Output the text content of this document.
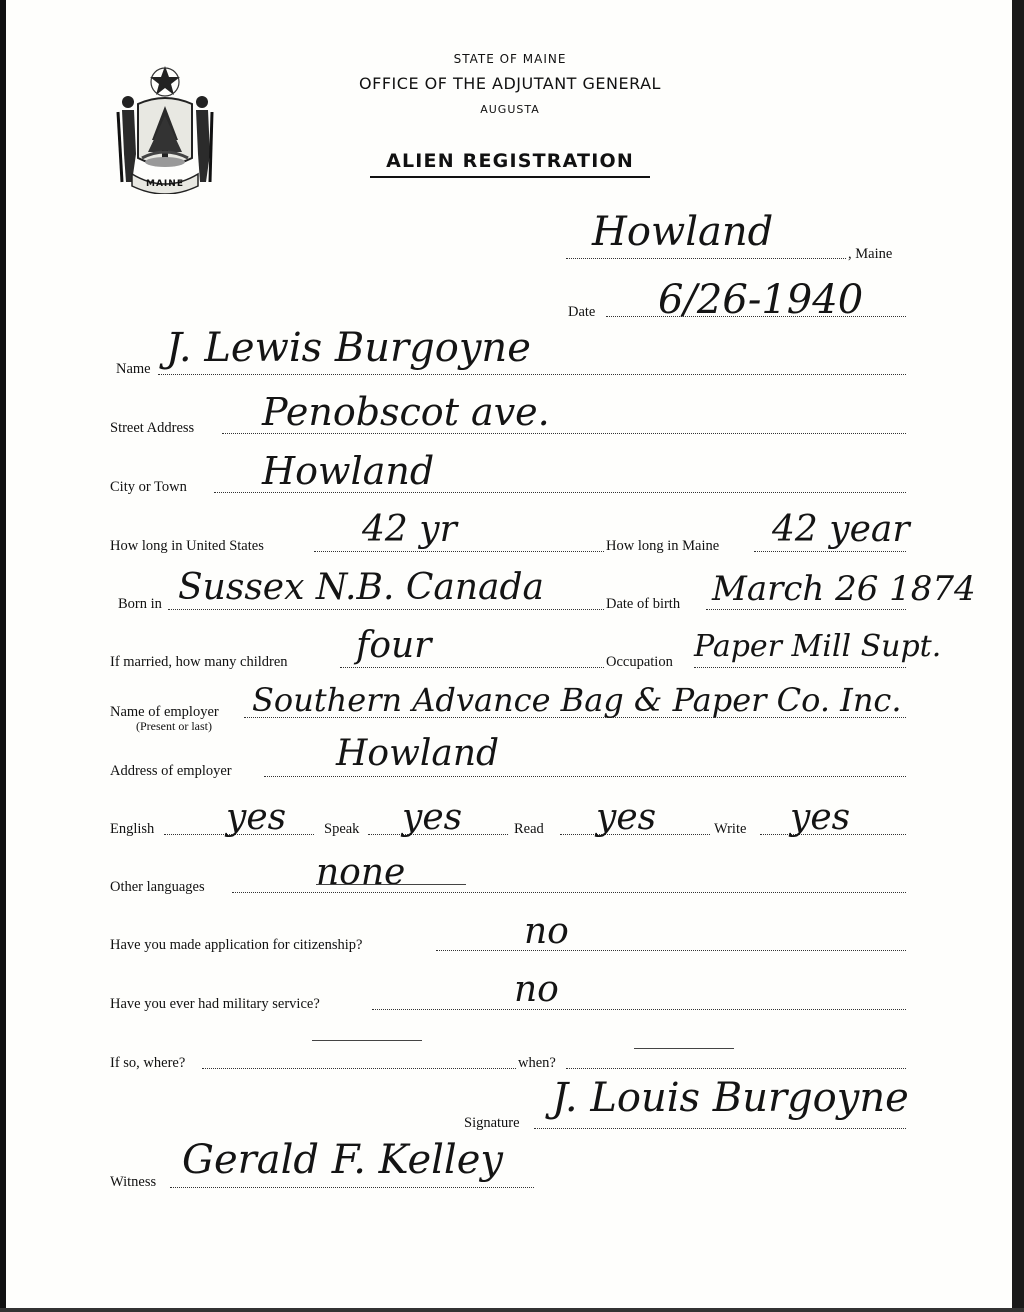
MAINE
STATE OF MAINE
OFFICE OF THE ADJUTANT GENERAL
AUGUSTA
ALIEN REGISTRATION
Howland	, Maine
Date 6/26-1940
Name J. Lewis Burgoyne
Street Address Penobscot ave.
City or Town Howland
How long in United States	42 yr	How long in Maine 42 year
Born in Sussex N.B. Canada	Date of birth March 26 1874
If married, how many children four	Occupation Paper Mill Supt.
Name of employer
(Present or last)
Southern Advance Bag & Paper Co. Inc.
Address of employer	Howland
English yes	Speak yes	Read yes	Write yes
Other languages	none
Have you made application for citizenship?	no
Have you ever had military service?	no
If so, where?	when?
Signature
J. Louis Burgoyne
Witness Gerald F. Kelley
